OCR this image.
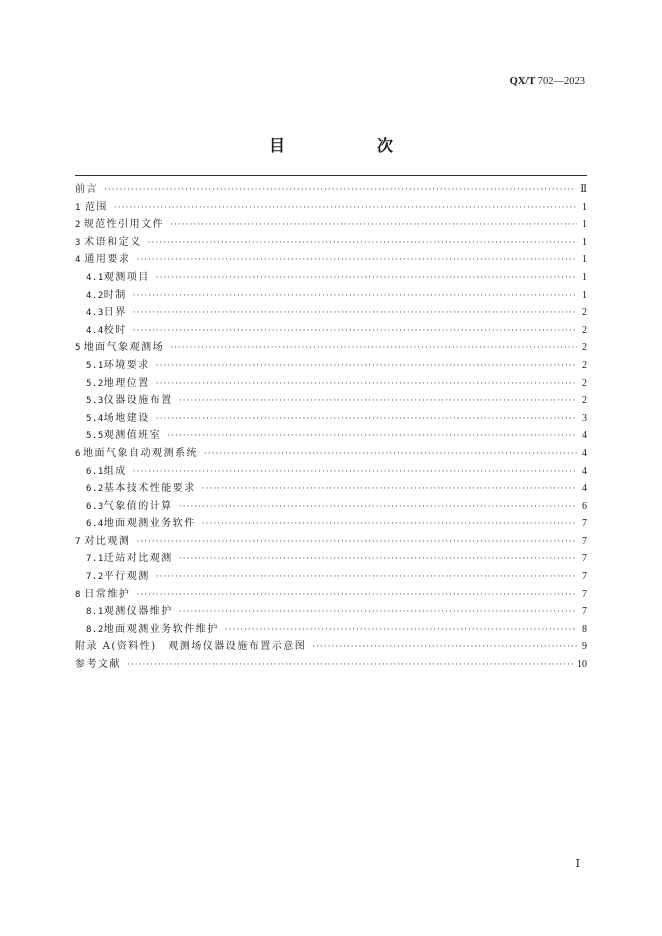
QX/T 702—2023
目　次
前言 ·····	Ⅱ
1 范围 ·····	1
2 规范性引用文件 ·····	1
3 术语和定义 ·····	1
4 通用要求 ·····	1
4.1 观测项目 ·····	1
4.2 时制 ·····	1
4.3 日界 ·····	2
4.4 校时 ·····	2
5 地面气象观测场 ·····	2
5.1 环境要求 ·····	2
5.2 地理位置 ·····	2
5.3 仪器设施布置 ·····	2
5.4 场地建设 ·····	3
5.5 观测值班室 ·····	4
6 地面气象自动观测系统 ·····	4
6.1 组成 ·····	4
6.2 基本技术性能要求 ·····	4
6.3 气象值的计算 ·····	6
6.4 地面观测业务软件 ·····	7
7 对比观测 ·····	7
7.1 迁站对比观测 ·····	7
7.2 平行观测 ·····	7
8 日常维护 ·····	7
8.1 观测仪器维护 ·····	7
8.2 地面观测业务软件维护 ·····	8
附录 A(资料性)　观测场仪器设施布置示意图 ·····	9
参考文献 ·····	10
Ⅰ
